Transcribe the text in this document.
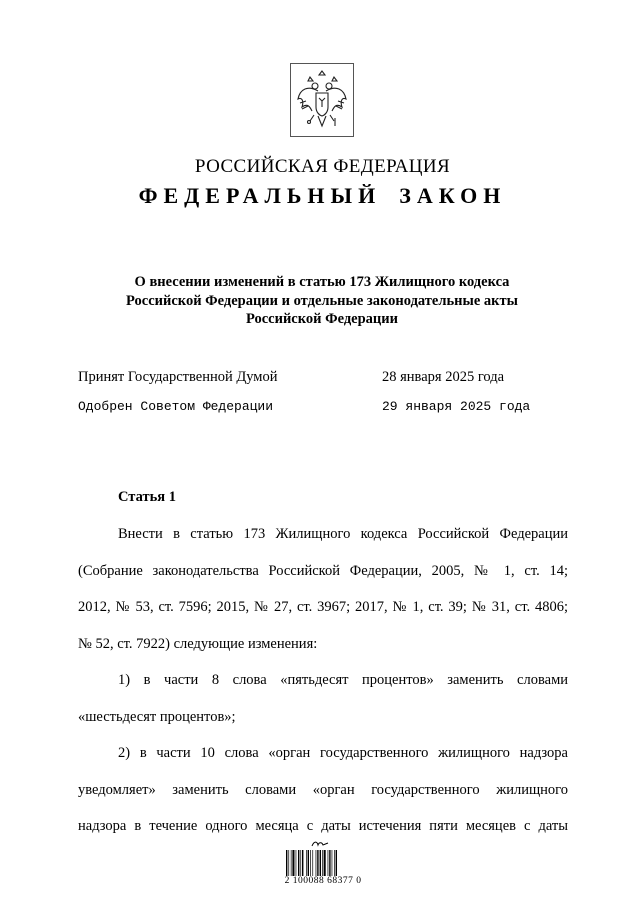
РОССИЙСКАЯ ФЕДЕРАЦИЯ
ФЕДЕРАЛЬНЫЙ ЗАКОН
О внесении изменений в статью 173 Жилищного кодекса
Российской Федерации и отдельные законодательные акты
Российской Федерации
Принят Государственной Думой	28 января 2025 года
Одобрен Советом Федерации	29 января 2025 года
Статья 1
Внести в статью 173 Жилищного кодекса Российской Федерации
(Собрание законодательства Российской Федерации, 2005, № 1, ст. 14;
2012, № 53, ст. 7596; 2015, № 27, ст. 3967; 2017, № 1, ст. 39; № 31, ст. 4806;
№ 52, ст. 7922) следующие изменения:
1) в части 8 слова «пятьдесят процентов» заменить словами
«шестьдесят процентов»;
2) в части 10 слова «орган государственного жилищного надзора
уведомляет» заменить словами «орган государственного жилищного
надзора в течение одного месяца с даты истечения пяти месяцев с даты
2 100088 68377 0
